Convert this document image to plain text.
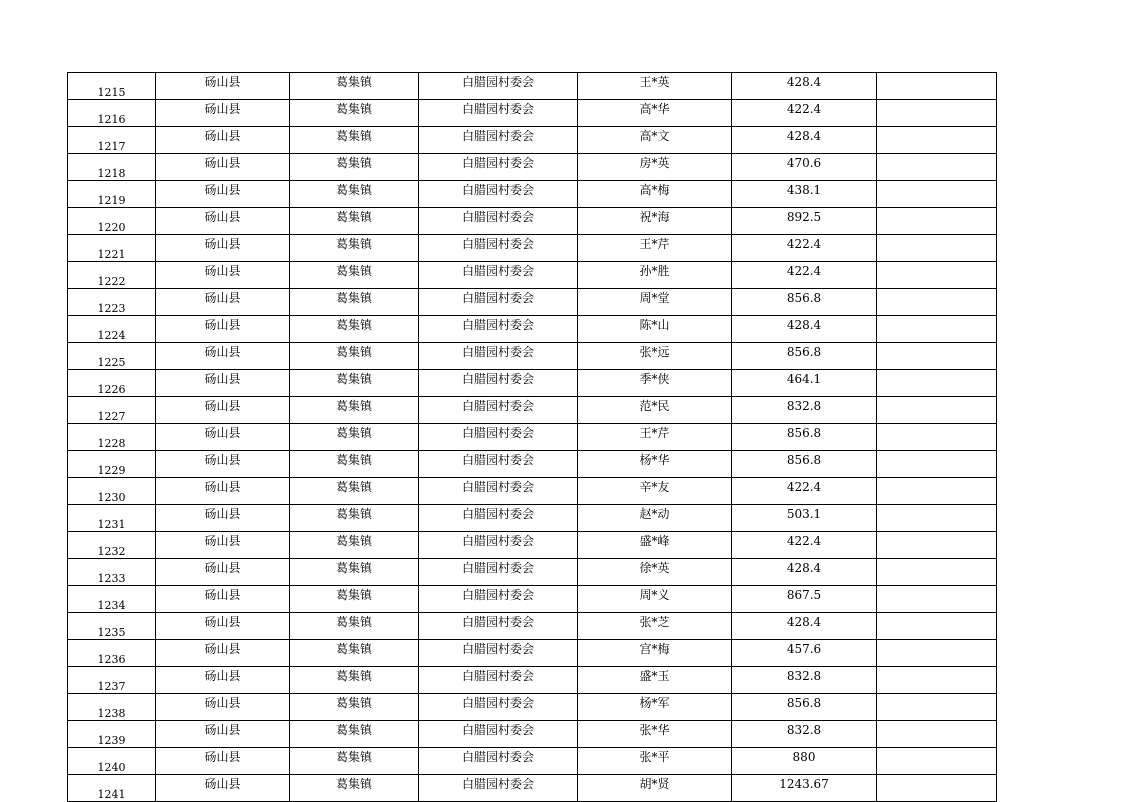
1215	砀山县	葛集镇	白腊园村委会	王*英	428.4	
1216	砀山县	葛集镇	白腊园村委会	高*华	422.4	
1217	砀山县	葛集镇	白腊园村委会	高*文	428.4	
1218	砀山县	葛集镇	白腊园村委会	房*英	470.6	
1219	砀山县	葛集镇	白腊园村委会	高*梅	438.1	
1220	砀山县	葛集镇	白腊园村委会	祝*海	892.5	
1221	砀山县	葛集镇	白腊园村委会	王*芹	422.4	
1222	砀山县	葛集镇	白腊园村委会	孙*胜	422.4	
1223	砀山县	葛集镇	白腊园村委会	周*堂	856.8	
1224	砀山县	葛集镇	白腊园村委会	陈*山	428.4	
1225	砀山县	葛集镇	白腊园村委会	张*远	856.8	
1226	砀山县	葛集镇	白腊园村委会	季*侠	464.1	
1227	砀山县	葛集镇	白腊园村委会	范*民	832.8	
1228	砀山县	葛集镇	白腊园村委会	王*芹	856.8	
1229	砀山县	葛集镇	白腊园村委会	杨*华	856.8	
1230	砀山县	葛集镇	白腊园村委会	辛*友	422.4	
1231	砀山县	葛集镇	白腊园村委会	赵*动	503.1	
1232	砀山县	葛集镇	白腊园村委会	盛*峰	422.4	
1233	砀山县	葛集镇	白腊园村委会	徐*英	428.4	
1234	砀山县	葛集镇	白腊园村委会	周*义	867.5	
1235	砀山县	葛集镇	白腊园村委会	张*芝	428.4	
1236	砀山县	葛集镇	白腊园村委会	宫*梅	457.6	
1237	砀山县	葛集镇	白腊园村委会	盛*玉	832.8	
1238	砀山县	葛集镇	白腊园村委会	杨*军	856.8	
1239	砀山县	葛集镇	白腊园村委会	张*华	832.8	
1240	砀山县	葛集镇	白腊园村委会	张*平	880	
1241	砀山县	葛集镇	白腊园村委会	胡*贤	1243.67	
